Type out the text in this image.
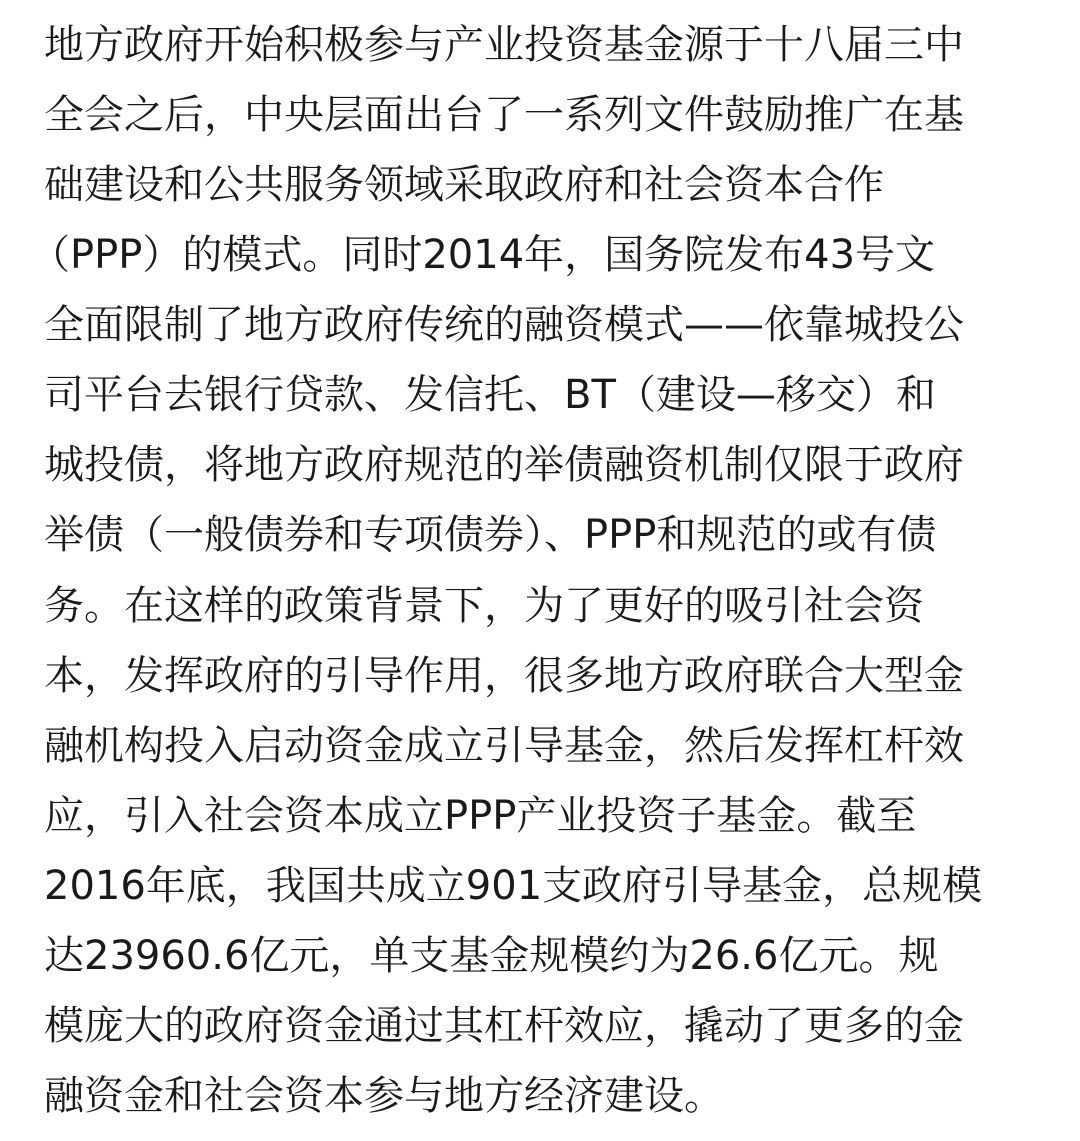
地方政府开始积极参与产业投资基金源于十八届三中
全会之后，中央层面出台了一系列文件鼓励推广在基
础建设和公共服务领域采取政府和社会资本合作
（PPP）的模式。同时2014年，国务院发布43号文
全面限制了地方政府传统的融资模式——依靠城投公
司平台去银行贷款、发信托、BT（建设—移交）和
城投债，将地方政府规范的举债融资机制仅限于政府
举债（一般债券和专项债券）、PPP和规范的或有债
务。在这样的政策背景下，为了更好的吸引社会资
本，发挥政府的引导作用，很多地方政府联合大型金
融机构投入启动资金成立引导基金，然后发挥杠杆效
应，引入社会资本成立PPP产业投资子基金。截至
2016年底，我国共成立901支政府引导基金，总规模
达23960.6亿元，单支基金规模约为26.6亿元。规
模庞大的政府资金通过其杠杆效应，撬动了更多的金
融资金和社会资本参与地方经济建设。
